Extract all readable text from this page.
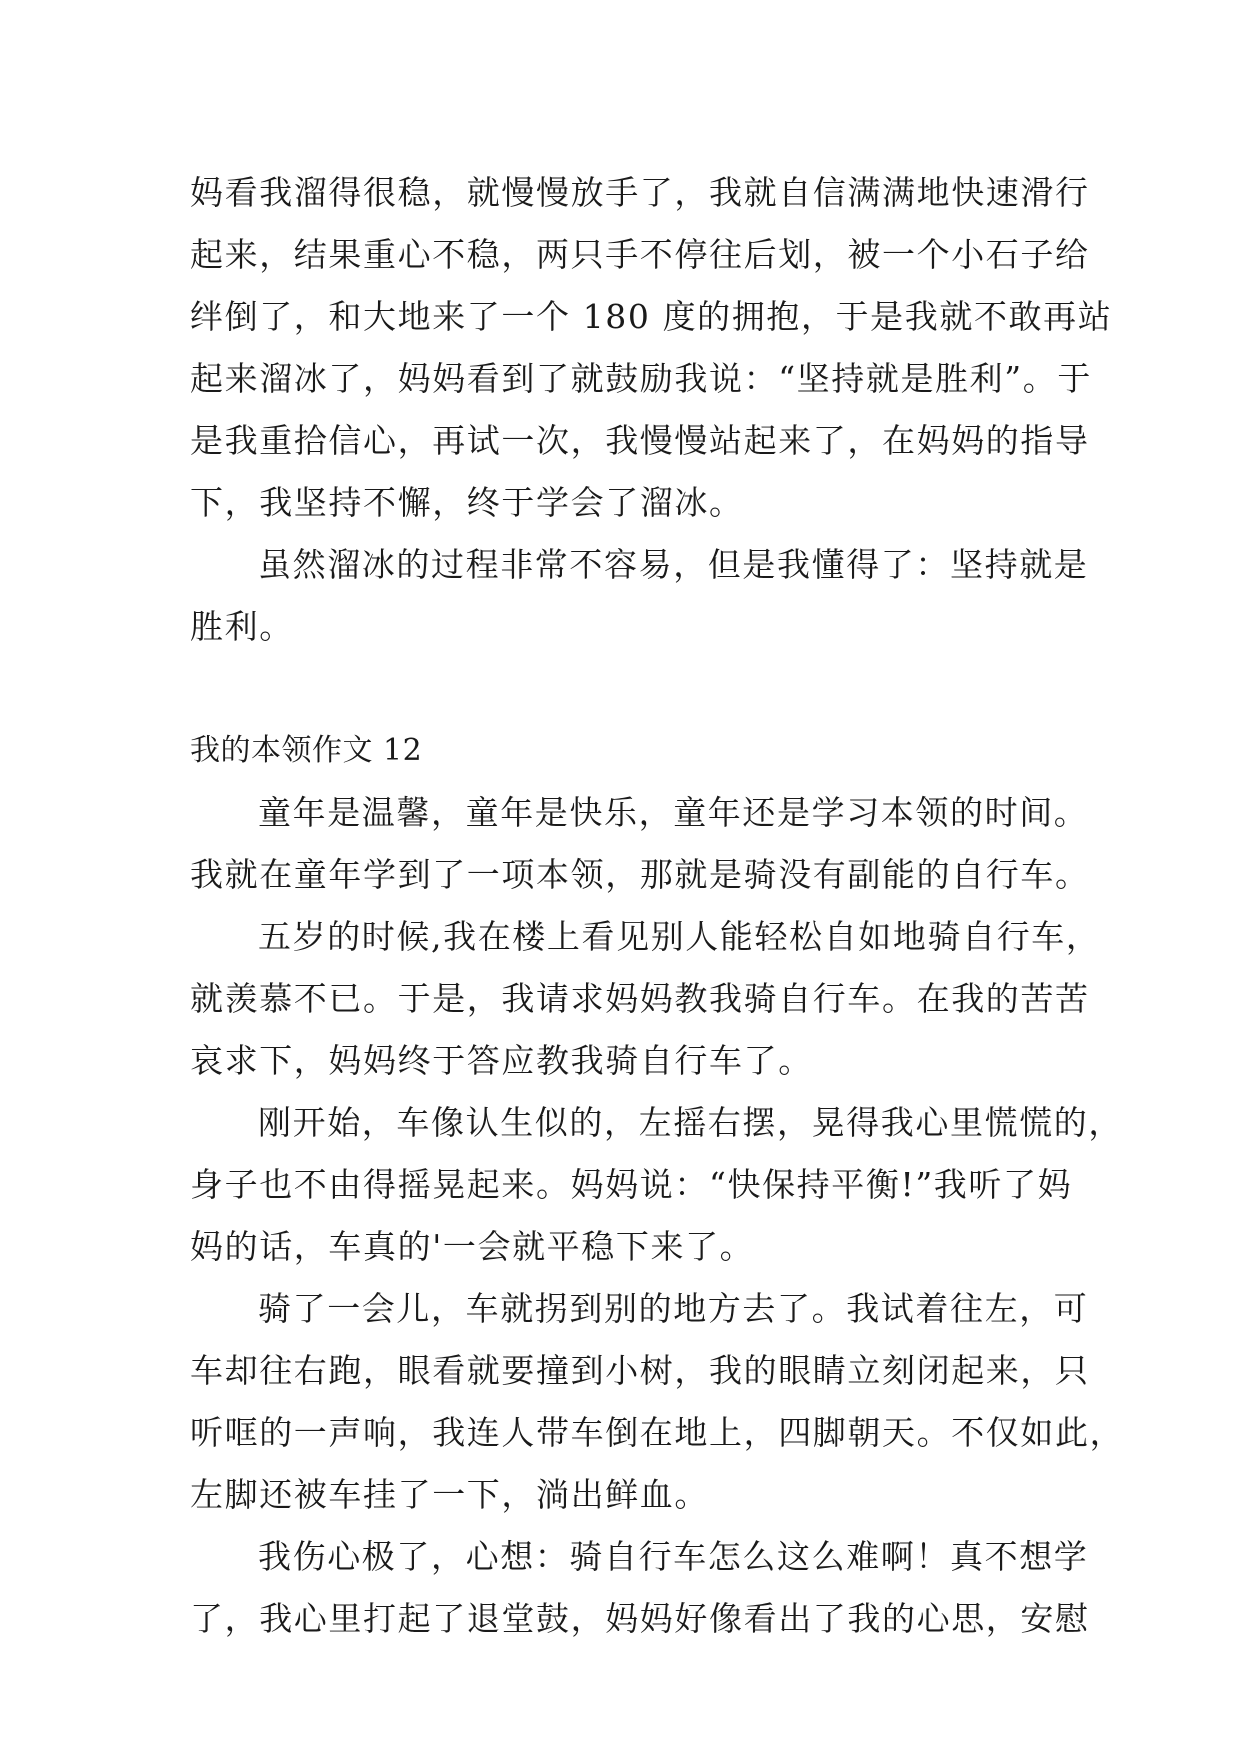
妈看我溜得很稳，就慢慢放手了，我就自信满满地快速滑行
起来，结果重心不稳，两只手不停往后划，被一个小石子给
绊倒了，和大地来了一个 180 度的拥抱，于是我就不敢再站
起来溜冰了，妈妈看到了就鼓励我说：“坚持就是胜利”。于
是我重拾信心，再试一次，我慢慢站起来了，在妈妈的指导
下，我坚持不懈，终于学会了溜冰。
虽然溜冰的过程非常不容易，但是我懂得了：坚持就是
胜利。
我的本领作文 12
童年是温馨，童年是快乐，童年还是学习本领的时间。
我就在童年学到了一项本领，那就是骑没有副能的自行车。
五岁的时候,我在楼上看见别人能轻松自如地骑自行车，
就羡慕不已。于是，我请求妈妈教我骑自行车。在我的苦苦
哀求下，妈妈终于答应教我骑自行车了。
刚开始，车像认生似的，左摇右摆，晃得我心里慌慌的，
身子也不由得摇晃起来。妈妈说：“快保持平衡!”我听了妈
妈的话，车真的'一会就平稳下来了。
骑了一会儿，车就拐到别的地方去了。我试着往左，可
车却往右跑，眼看就要撞到小树，我的眼睛立刻闭起来，只
听哐的一声响，我连人带车倒在地上，四脚朝天。不仅如此，
左脚还被车挂了一下，淌出鲜血。
我伤心极了，心想：骑自行车怎么这么难啊！真不想学
了，我心里打起了退堂鼓，妈妈好像看出了我的心思，安慰
